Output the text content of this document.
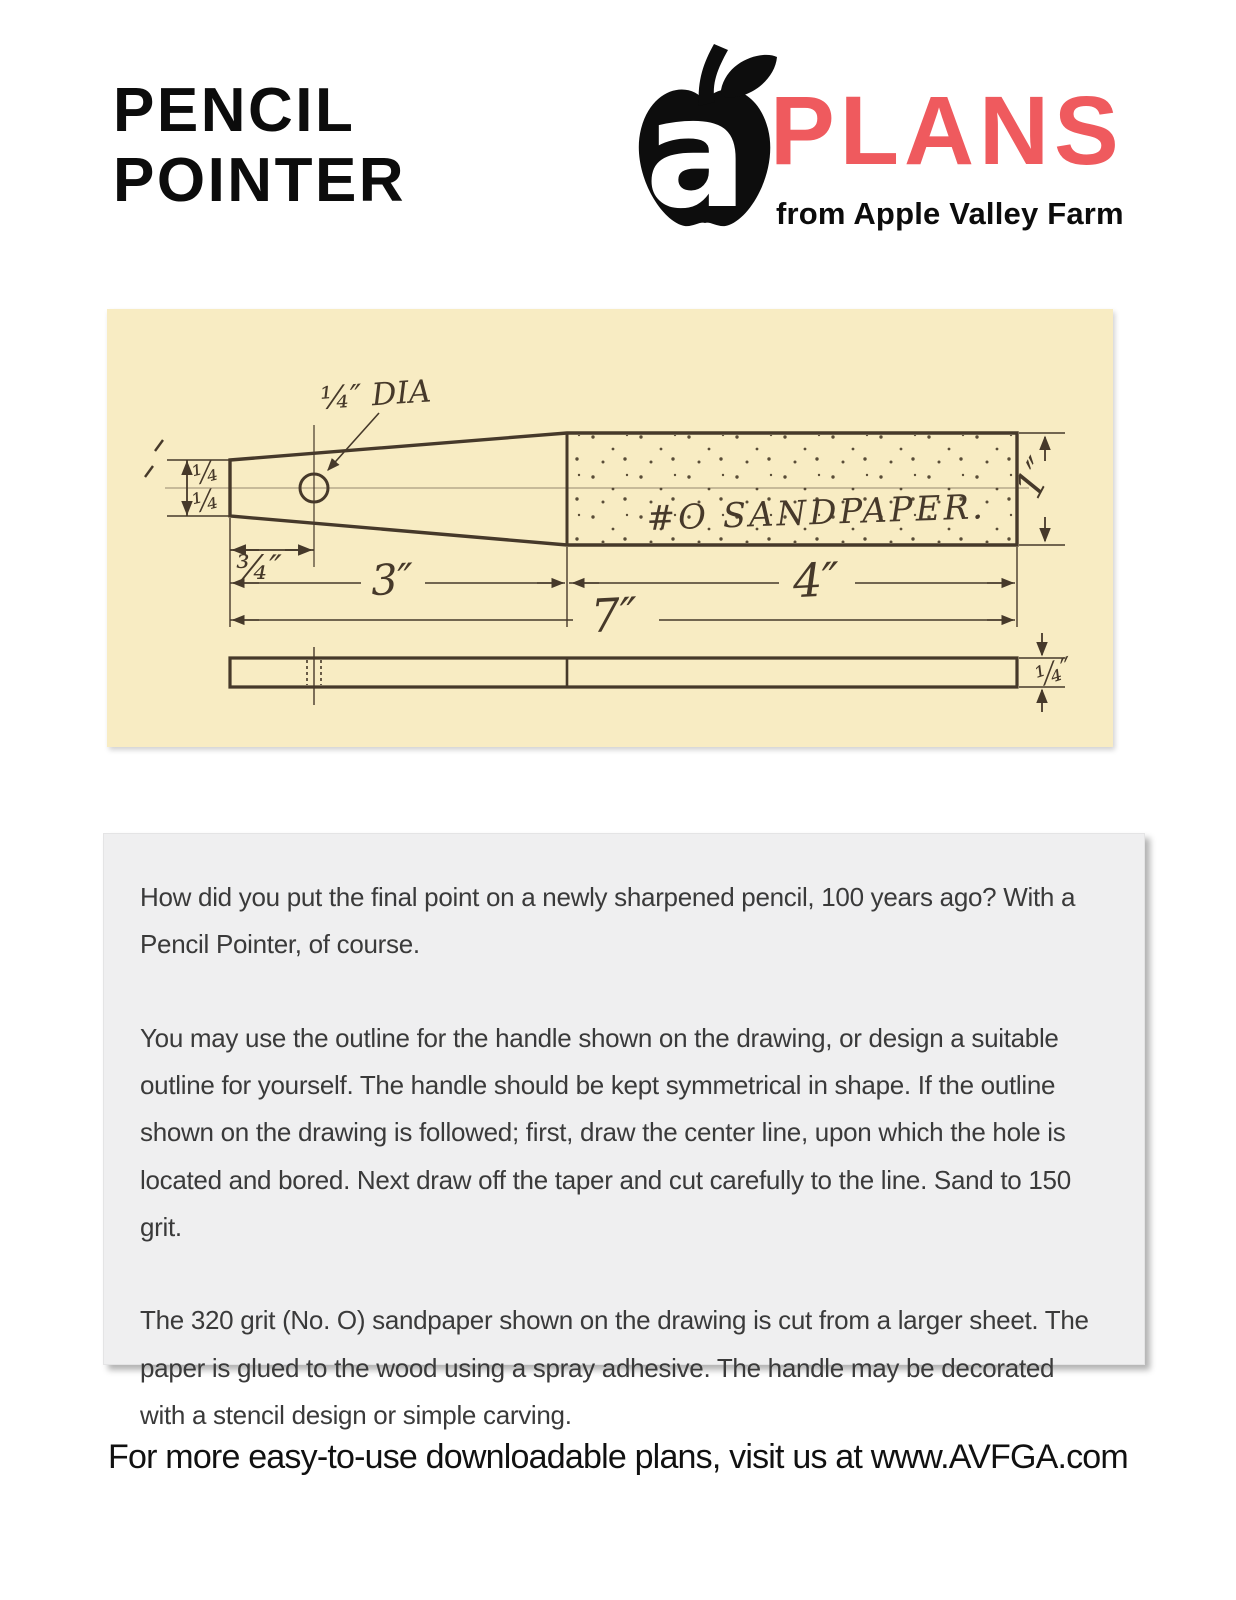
PENCIL
POINTER a PLANS PLANS
from Apple Valley Farm
¼″ DIA
¼
¼
¾″ 3″	4″
7″
1″
¼″
#O SANDPAPER.

How did you put the final point on a newly sharpened pencil, 100 years ago? With a Pencil Pointer, of course.

You may use the outline for the handle shown on the drawing, or design a suitable outline for yourself. The handle should be kept symmetrical in shape. If the outline shown on the drawing is followed; first, draw the center line, upon which the hole is located and bored. Next draw off the taper and cut carefully to the line. Sand to 150 grit.

The 320 grit (No. O) sandpaper shown on the drawing is cut from a larger sheet. The paper is glued to the wood using a spray adhesive. The handle may be decorated with a stencil design or simple carving.

For more easy-to-use downloadable plans, visit us at www.AVFGA.com
